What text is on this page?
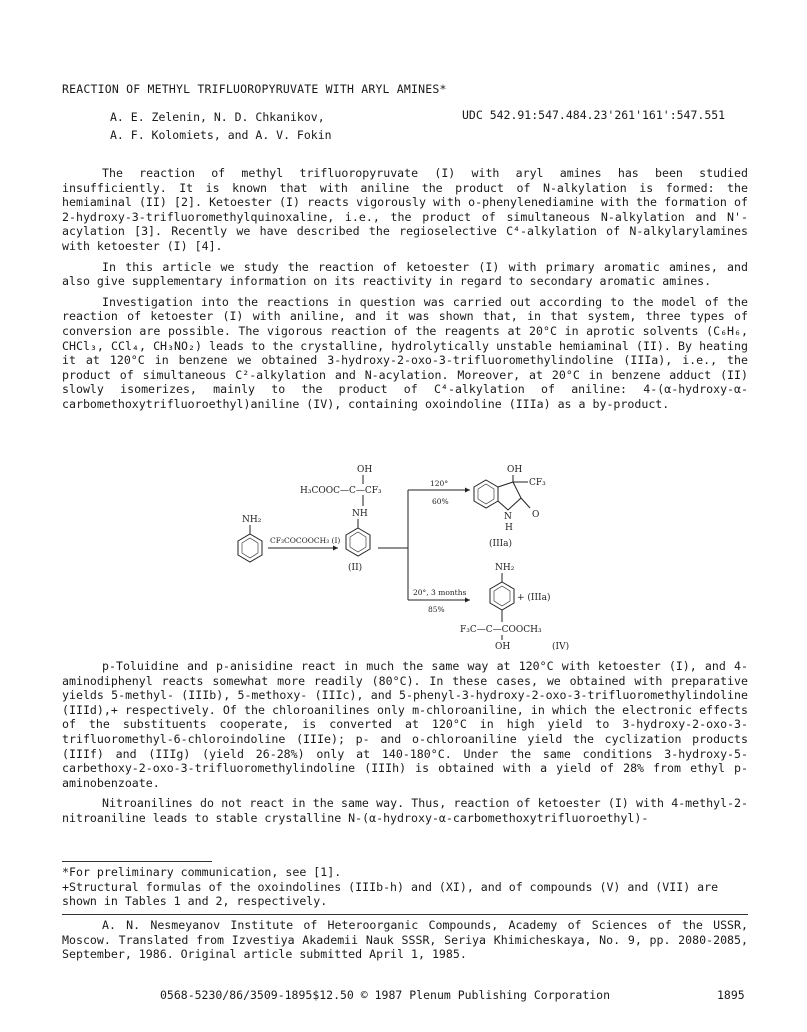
REACTION OF METHYL TRIFLUOROPYRUVATE WITH ARYL AMINES*
A. E. Zelenin, N. D. Chkanikov,
A. F. Kolomiets, and A. V. Fokin
UDC 542.91:547.484.23'261'161':547.551

The reaction of methyl trifluoropyruvate (I) with aryl amines has been studied insufficiently. It is known that with aniline the product of N-alkylation is formed: the hemiaminal (II) [2]. Ketoester (I) reacts vigorously with o-phenylenediamine with the formation of 2-hydroxy-3-trifluoromethylquinoxaline, i.e., the product of simultaneous N-alkylation and N'-acylation [3]. Recently we have described the regioselective C⁴-alkylation of N-alkylarylamines with ketoester (I) [4].

In this article we study the reaction of ketoester (I) with primary aromatic amines, and also give supplementary information on its reactivity in regard to secondary aromatic amines.

Investigation into the reactions in question was carried out according to the model of the reaction of ketoester (I) with aniline, and it was shown that, in that system, three types of conversion are possible. The vigorous reaction of the reagents at 20°C in aprotic solvents (C₆H₆, CHCl₃, CCl₄, CH₃NO₂) leads to the crystalline, hydrolytically unstable hemiaminal (II). By heating it at 120°C in benzene we obtained 3-hydroxy-2-oxo-3-trifluoromethylindoline (IIIa), i.e., the product of simultaneous C²-alkylation and N-acylation. Moreover, at 20°C in benzene adduct (II) slowly isomerizes, mainly to the product of C⁴-alkylation of aniline: 4-(α-hydroxy-α-carbomethoxytrifluoroethyl)aniline (IV), containing oxoindoline (IIIa) as a by-product.

NH₂
CF₃COCOOCH₃ (I)
OH
H₃COOC—C—CF₃
NH
(II)
120°
60%
20°, 3 months
85%
OH
CF₃
O
N
H
(IIIa)
NH₂
+ (IIIa)
F₃C—C—COOCH₃
OH	(IV)

p-Toluidine and p-anisidine react in much the same way at 120°C with ketoester (I), and 4-aminodiphenyl reacts somewhat more readily (80°C). In these cases, we obtained with preparative yields 5-methyl- (IIIb), 5-methoxy- (IIIc), and 5-phenyl-3-hydroxy-2-oxo-3-trifluoromethylindoline (IIId),+ respectively. Of the chloroanilines only m-chloroaniline, in which the electronic effects of the substituents cooperate, is converted at 120°C in high yield to 3-hydroxy-2-oxo-3-trifluoromethyl-6-chloroindoline (IIIe); p- and o-chloroaniline yield the cyclization products (IIIf) and (IIIg) (yield 26-28%) only at 140-180°C. Under the same conditions 3-hydroxy-5-carbethoxy-2-oxo-3-trifluoromethylindoline (IIIh) is obtained with a yield of 28% from ethyl p-aminobenzoate.

Nitroanilines do not react in the same way. Thus, reaction of ketoester (I) with 4-methyl-2-nitroaniline leads to stable crystalline N-(α-hydroxy-α-carbomethoxytrifluoroethyl)-

*For preliminary communication, see [1].
+Structural formulas of the oxoindolines (IIIb-h) and (XI), and of compounds (V) and (VII) are shown in Tables 1 and 2, respectively.
A. N. Nesmeyanov Institute of Heteroorganic Compounds, Academy of Sciences of the USSR, Moscow. Translated from Izvestiya Akademii Nauk SSSR, Seriya Khimicheskaya, No. 9, pp. 2080-2085, September, 1986. Original article submitted April 1, 1985.
0568-5230/86/3509-1895$12.50 © 1987 Plenum Publishing Corporation	1895
